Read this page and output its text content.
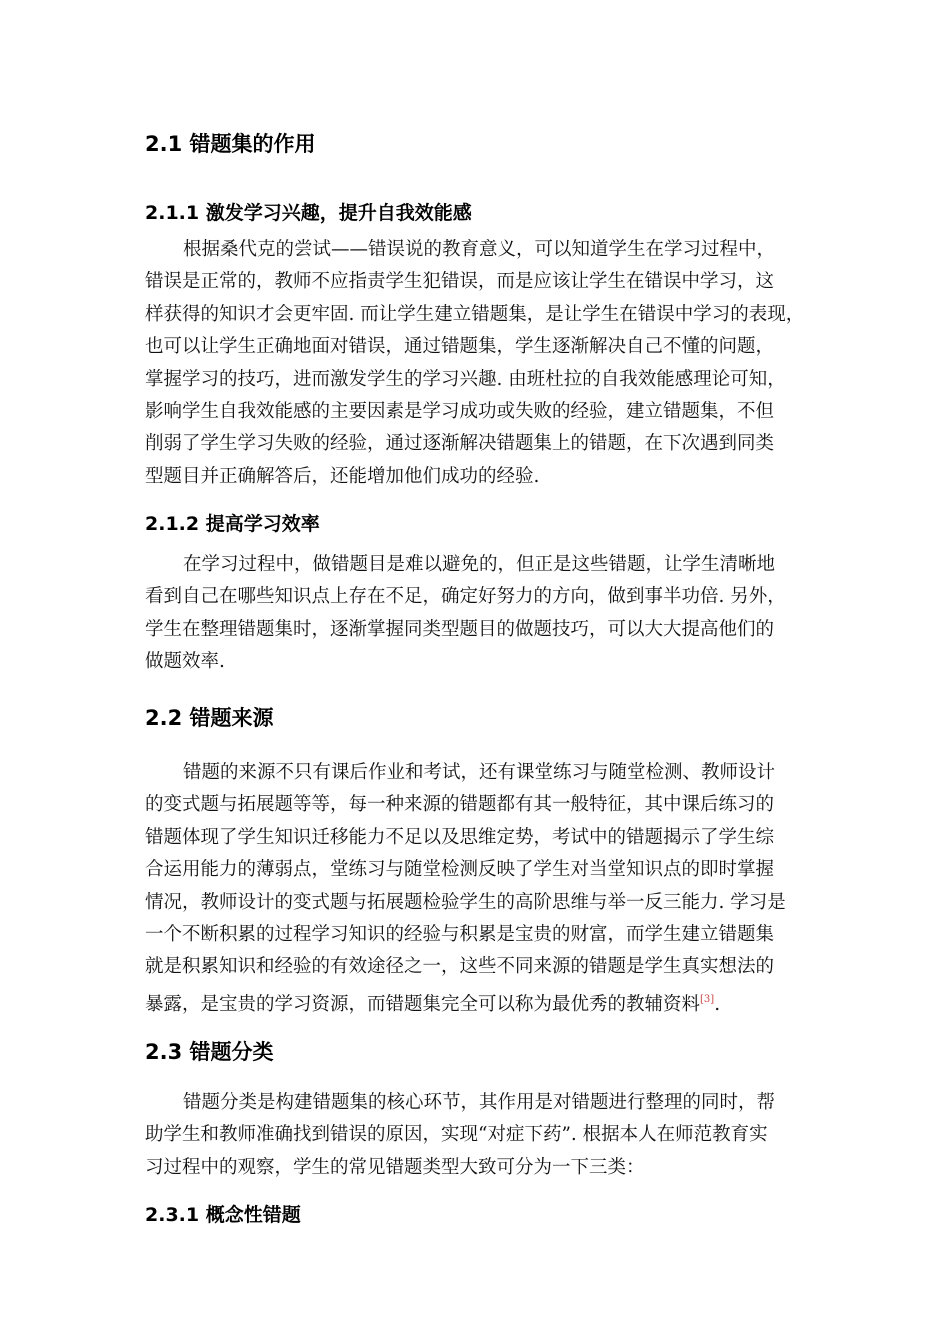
2.1 错题集的作用
2.1.1 激发学习兴趣，提升自我效能感
根据桑代克的尝试——错误说的教育意义，可以知道学生在学习过程中，
错误是正常的，教师不应指责学生犯错误，而是应该让学生在错误中学习，这
样获得的知识才会更牢固. 而让学生建立错题集，是让学生在错误中学习的表现，
也可以让学生正确地面对错误，通过错题集，学生逐渐解决自己不懂的问题，
掌握学习的技巧，进而激发学生的学习兴趣. 由班杜拉的自我效能感理论可知，
影响学生自我效能感的主要因素是学习成功或失败的经验，建立错题集，不但
削弱了学生学习失败的经验，通过逐渐解决错题集上的错题，在下次遇到同类
型题目并正确解答后，还能增加他们成功的经验.
2.1.2 提高学习效率
在学习过程中，做错题目是难以避免的，但正是这些错题，让学生清晰地
看到自己在哪些知识点上存在不足，确定好努力的方向，做到事半功倍. 另外，
学生在整理错题集时，逐渐掌握同类型题目的做题技巧，可以大大提高他们的
做题效率.
2.2 错题来源
错题的来源不只有课后作业和考试，还有课堂练习与随堂检测、教师设计
的变式题与拓展题等等，每一种来源的错题都有其一般特征，其中课后练习的
错题体现了学生知识迁移能力不足以及思维定势，考试中的错题揭示了学生综
合运用能力的薄弱点，堂练习与随堂检测反映了学生对当堂知识点的即时掌握
情况，教师设计的变式题与拓展题检验学生的高阶思维与举一反三能力. 学习是
一个不断积累的过程学习知识的经验与积累是宝贵的财富，而学生建立错题集
就是积累知识和经验的有效途径之一，这些不同来源的错题是学生真实想法的
暴露，是宝贵的学习资源，而错题集完全可以称为最优秀的教辅资料[3].
2.3 错题分类
错题分类是构建错题集的核心环节，其作用是对错题进行整理的同时，帮
助学生和教师准确找到错误的原因，实现“对症下药”. 根据本人在师范教育实
习过程中的观察，学生的常见错题类型大致可分为一下三类：
2.3.1 概念性错题
